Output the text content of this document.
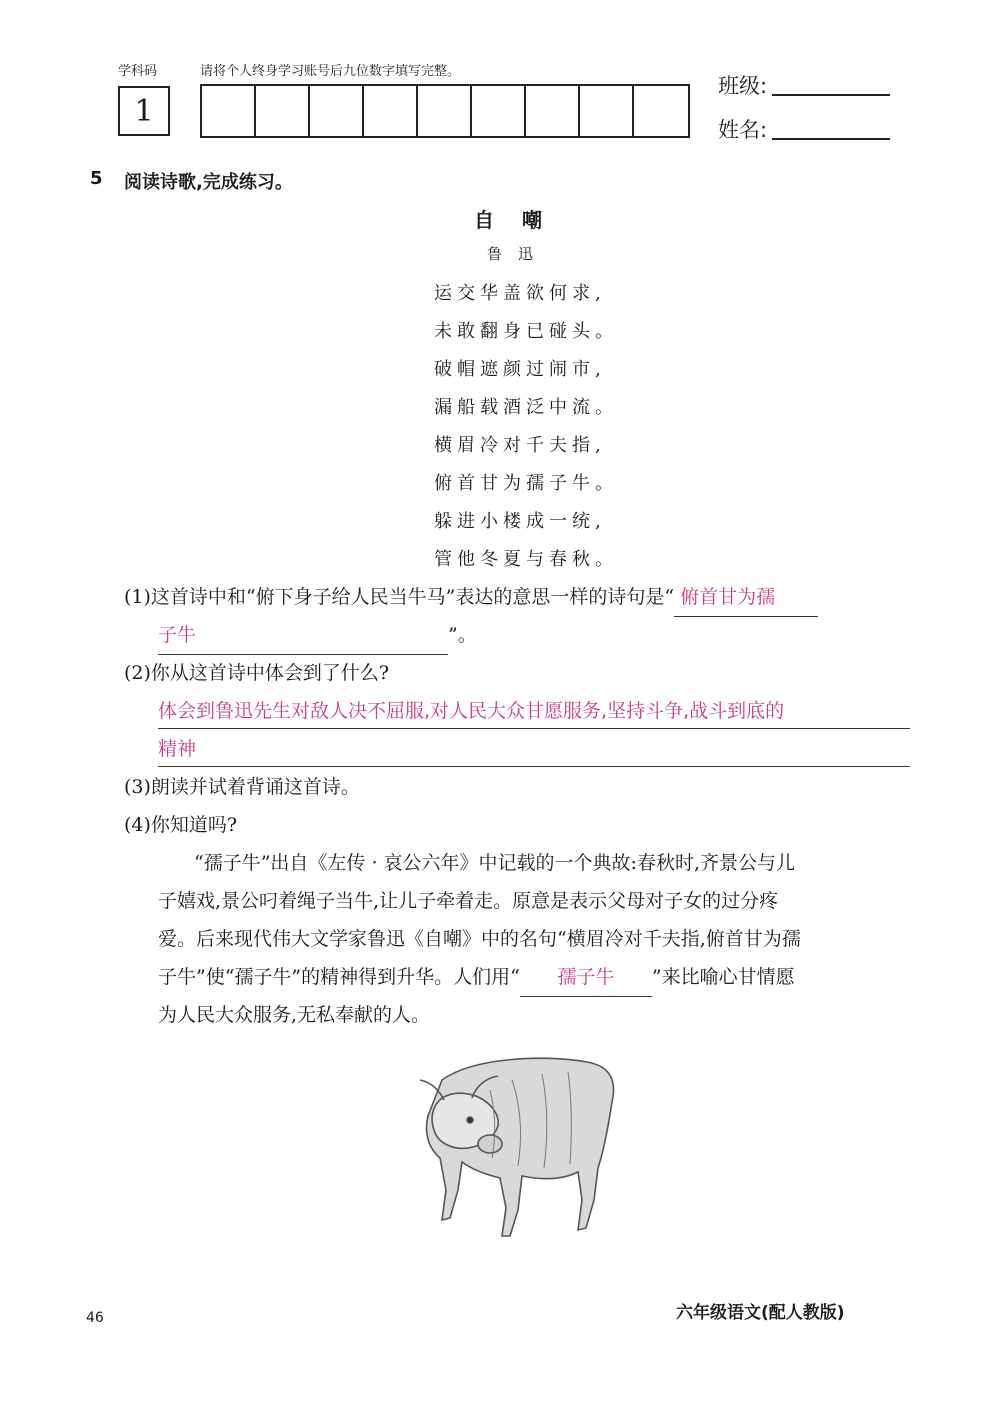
学科码	请将个人终身学习账号后九位数字填写完整。
1
班级:
姓名:
5 阅读诗歌,完成练习。
自嘲
鲁迅
运交华盖欲何求,
未敢翻身已碰头。
破帽遮颜过闹市,
漏船载酒泛中流。
横眉冷对千夫指,
俯首甘为孺子牛。
躲进小楼成一统,
管他冬夏与春秋。
(1)这首诗中和“俯下身子给人民当牛马”表达的意思一样的诗句是“ 俯首甘为孺
子牛	”。
(2)你从这首诗中体会到了什么?
体会到鲁迅先生对敌人决不屈服,对人民大众甘愿服务,坚持斗争,战斗到底的
精神
(3)朗读并试着背诵这首诗。
(4)你知道吗?
“孺子牛”出自《左传 · 哀公六年》中记载的一个典故:春秋时,齐景公与儿
子嬉戏,景公叼着绳子当牛,让儿子牵着走。原意是表示父母对子女的过分疼
爱。后来现代伟大文学家鲁迅《自嘲》中的名句“横眉冷对千夫指,俯首甘为孺
子牛”使“孺子牛”的精神得到升华。人们用“ 孺子牛 ”来比喻心甘情愿
为人民大众服务,无私奉献的人。
46	六年级语文(配人教版)
